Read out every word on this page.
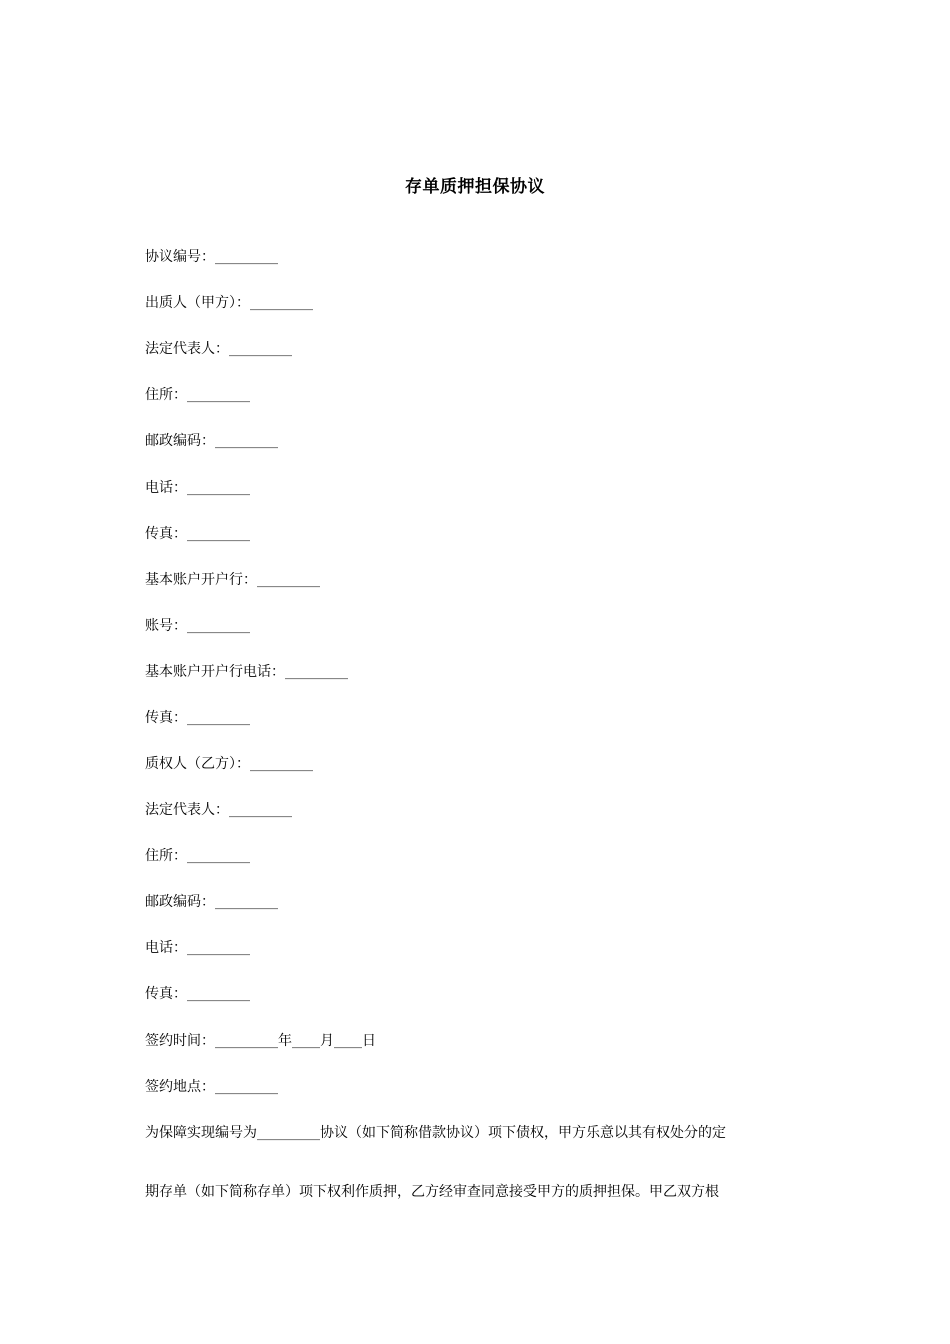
存单质押担保协议
协议编号：_________
出质人（甲方）：_________
法定代表人：_________
住所：_________
邮政编码：_________
电话：_________
传真：_________
基本账户开户行：_________
账号：_________
基本账户开户行电话：_________
传真：_________
质权人（乙方）：_________
法定代表人：_________
住所：_________
邮政编码：_________
电话：_________
传真：_________
签约时间：_________年____月____日
签约地点：_________
为保障实现编号为_________协议（如下简称借款协议）项下债权，甲方乐意以其有权处分的定
期存单（如下简称存单）项下权利作质押，乙方经审查同意接受甲方的质押担保。甲乙双方根
